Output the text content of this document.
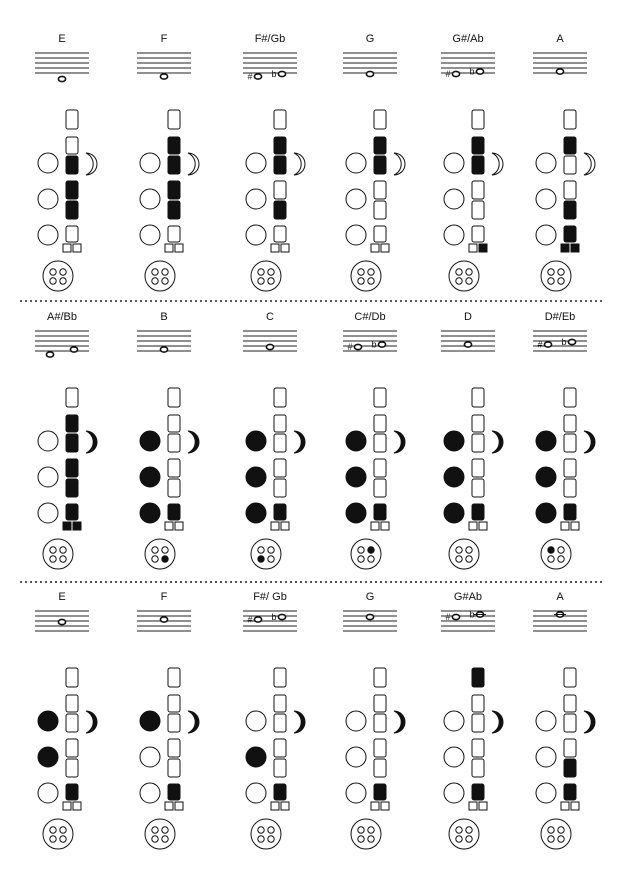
E	F	F#/Gb
# b
G	G#/Ab
# b
A
A#/Bb	B	C	C#/Db
# b
D	D#/Eb
# b
E	F	F#/ Gb
# b
G	G#Ab
# b
A
